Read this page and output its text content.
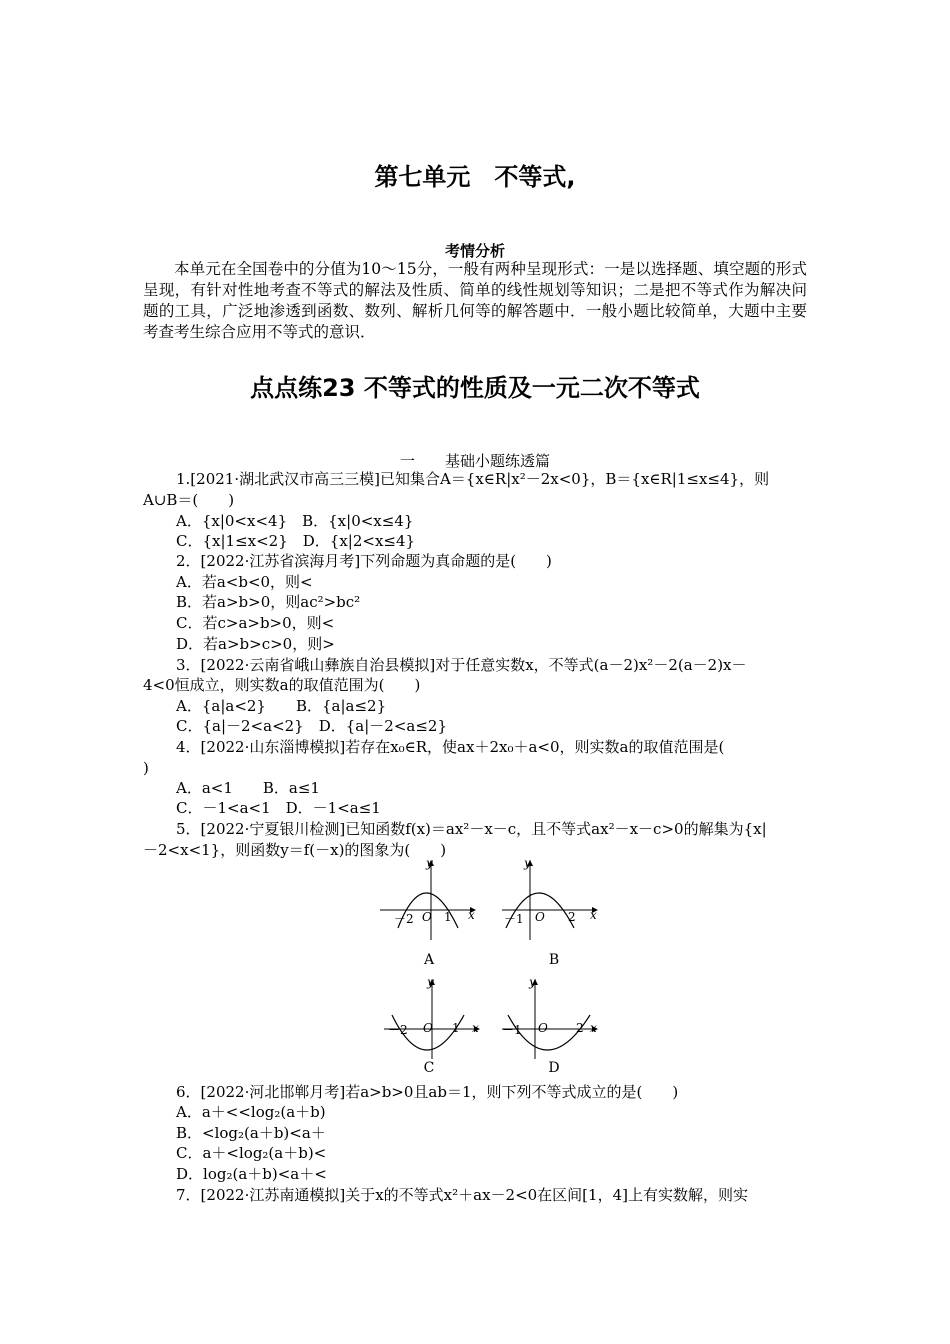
第七单元　不等式,
考情分析
本单元在全国卷中的分值为10～15分，一般有两种呈现形式：一是以选择题、填空题的形式呈现，有针对性地考查不等式的解法及性质、简单的线性规划等知识；二是把不等式作为解决问题的工具，广泛地渗透到函数、数列、解析几何等的解答题中．一般小题比较简单，大题中主要考查考生综合应用不等式的意识．
点点练23 不等式的性质及一元二次不等式
一　　 基础小题练透篇
1.[2021·湖北武汉市高三三模]已知集合A＝{x∈R|x²－2x<0}，B＝{x∈R|1≤x≤4}，则
A∪B＝(　　)
A．{x|0<x<4}　B．{x|0<x≤4}
C．{x|1≤x<2}　D．{x|2<x≤4}
2．[2022·江苏省滨海月考]下列命题为真命题的是(　　)
A．若a<b<0，则<
B．若a>b>0，则ac²>bc²
C．若c>a>b>0，则<
D．若a>b>c>0，则>
3．[2022·云南省峨山彝族自治县模拟]对于任意实数x，不等式(a－2)x²－2(a－2)x－
4<0恒成立，则实数a的取值范围为(　　)
A．{a|a<2}　　B．{a|a≤2}
C．{a|－2<a<2}　D．{a|－2<a≤2}
4．[2022·山东淄博模拟]若存在x₀∈R，使ax＋2x₀＋a<0，则实数a的取值范围是(
)
A．a<1　　B．a≤1
C．－1<a<1　D．－1<a≤1
5．[2022·宁夏银川检测]已知函数f(x)＝ax²－x－c，且不等式ax²－x－c>0的解集为{x|
－2<x<1}，则函数y＝f(－x)的图象为(　　)
y
x
－2 O 1
A
y
x
－1 O 2
B
y
x
－2 O 1
C
y
x
－1 O 2
D
6．[2022·河北邯郸月考]若a>b>0且ab＝1，则下列不等式成立的是(　　)
A．a＋<<log₂(a＋b)
B．<log₂(a＋b)<a＋
C．a＋<log₂(a＋b)<
D．log₂(a＋b)<a＋<
7．[2022·江苏南通模拟]关于x的不等式x²＋ax－2<0在区间[1，4]上有实数解，则实
